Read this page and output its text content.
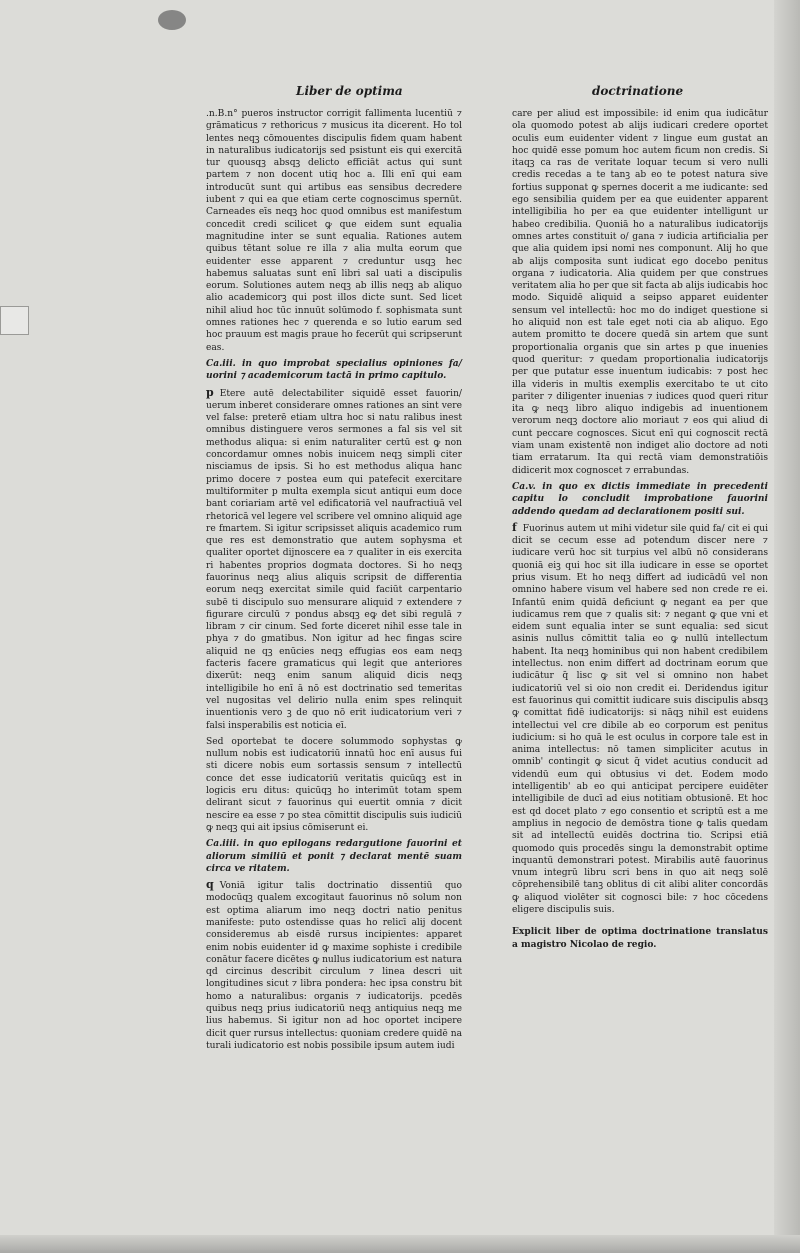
Liber de optima	doctrinatione

.n.B.n° pueros instructor corrigit fallimenta lucentiū ⁊ grāmaticus ⁊ rethoricus ⁊ musicus ita dicerent. Ho tol lentes neqꝫ cōmouentes discipulis fidem quam habent in naturalibus iudicatorijs sed psistunt eis qui exercitā tur quousqꝫ absqꝫ delicto efficiāt actus qui sunt partem ⁊ non docent utiq hoc a. Illi enī qui eam introducūt sunt qui artibus eas sensibus decredere iubent ⁊ qui ea que etiam certe cognoscimus spernūt. Carneades eīs neqꝫ hoc quod omnibus est manifestum concedit credi scilicet ꝙ que eidem sunt equalia magnitudine inter se sunt equalia. Rationes autem quibus tētant solue re illa ⁊ alia multa eorum que euidenter esse apparent ⁊ creduntur usqꝫ hec habemus saluatas sunt enī libri sal uati a discipulis eorum. Solutiones autem neqꝫ ab illis neqꝫ ab aliquo alio academicorꝫ qui post illos dicte sunt. Sed licet nihil aliud hoc tūc innuūt solūmodo f. sophismata sunt omnes rationes hec ⁊ querenda e so lutio earum sed hoc prauum est magis praue ho fecerūt qui scripserunt eas.

Ca.iii. in quo improbat specialius opiniones fa/ uorini ⁊ academicorum tactā in primo capitulo.

p Etere autē delectabiliter siquidē esset fauorin/ uerum inberet considerare omnes rationes an sint vere vel false: preterē etiam ultra hoc si natu ralibus inest omnibus distinguere veros sermones a fal sis vel sit methodus aliqua: si enim naturaliter certū est ꝙ non concordamur omnes nobis inuicem neqꝫ simpli citer nisciamus de ipsis. Si ho est methodus aliqua hanc primo docere ⁊ postea eum qui patefecit exercitare multiformiter p multa exempla sicut antiqui eum doce bant coriariam artē vel edificatoriā vel naufractiuā vel rhetoricā vel legere vel scribere vel omnino aliquid age re fmartem. Si igitur scripsisset aliquis academico rum que res est demonstratio que autem sophysma et qualiter oportet dijnoscere ea ⁊ qualiter in eis exercita ri habentes proprios dogmata doctores. Si ho neqꝫ fauorinus neqꝫ alius aliquis scripsit de differentia eorum neqꝫ exercitat simile quid faciūt carpentario subē ti discipulo suo mensurare aliquid ⁊ extendere ⁊ figurare circulū ⁊ pondus absqꝫ eꝙ det sibi regulā ⁊ libram ⁊ cir cinum. Sed forte diceret nihil esse tale in phya ⁊ do gmatibus. Non igitur ad hec fingas scire aliquid ne qꝫ enūcies neqꝫ effugias eos eam neqꝫ facteris facere gramaticus qui legit que anteriores dixerūt: neqꝫ enim sanum aliquid dicis neqꝫ intelligibile ho enī ā nō est doctrinatio sed temeritas vel nugositas vel delirio nulla enim spes relinquit inuentionis vero ꝫ de quo nō erit iudicatorium veri ⁊ falsi insperabilis est noticia eī.

Sed oportebat te docere solummodo sophystas ꝙ nullum nobis est iudicatoriū innatū hoc enī ausus fui sti dicere nobis eum sortassis sensum ⁊ intellectū conce det esse iudicatoriū veritatis quicūqꝫ est in logicis eru ditus: quicūqꝫ ho interimūt totam spem delirant sicut ⁊ fauorinus qui euertit omnia ⁊ dicit nescire ea esse ⁊ po stea cōmittit discipulis suis iudiciū ꝙ neqꝫ qui ait ipsius cōmiserunt ei.

Ca.iiii. in quo epilogans redargutione fauorini et aliorum similiū et ponit ⁊ declarat mentē suam circa ve ritatem.

q Voniā igitur talis doctrinatio dissentiū quo modocūqꝫ qualem excogitaut fauorinus nō solum non est optima aliarum imo neqꝫ doctri natio penitus manifeste: puto ostendisse quas ho relicī alij docent consideremus ab eisdē rursus incipientes: apparet enim nobis euidenter id ꝙ maxime sophiste i credibile conātur facere dicētes ꝙ nullus iudicatorium est natura qd circinus describit circulum ⁊ linea descri uit longitudines sicut ⁊ libra pondera: hec ipsa constru bit homo a naturalibus: organis ⁊ iudicatorijs. pcedēs quibus neqꝫ prius iudicatoriū neqꝫ antiquius neqꝫ me lius habemus. Si igitur non ad hoc oportet incipere dicit quer rursus intellectus: quoniam credere quidē na turali iudicatorio est nobis possibile ipsum autem iudi

care per aliud est impossibile: id enim qua iudicātur ola quomodo potest ab alijs iudicari credere oportet oculis eum euidenter vident ⁊ lingue eum gustat an hoc quidē esse pomum hoc autem ficum non credis. Si itaqꝫ ca ras de veritate loquar tecum si vero nulli credis recedas a te tanꝫ ab eo te potest natura sive fortius supponat ꝙ spernes docerit a me iudicante: sed ego sensibilia quidem per ea que euidenter apparent intelligibilia ho per ea que euidenter intelligunt ur habeo credibilia. Quoniā ho a naturalibus iudicatorijs omnes artes constituit o/ gana ⁊ iudicia artificialia per que alia quidem ipsi nomi nes componunt. Alij ho que ab alijs composita sunt iudicat ego docebo penitus organa ⁊ iudicatoria. Alia quidem per que construes veritatem alia ho per que sit facta ab alijs iudicabis hoc modo. Siquidē aliquid a seipso apparet euidenter sensum vel intellectū: hoc mo do indiget questione si ho aliquid non est tale eget noti cia ab aliquo. Ego autem promitto te docere quedā sin artem que sunt proportionalia organis que sin artes p que inuenies quod queritur: ⁊ quedam proportionalia iudicatorijs per que putatur esse inuentum iudicabis: ⁊ post hec illa videris in multis exemplis exercitabo te ut cito pariter ⁊ diligenter inuenias ⁊ iudices quod queri ritur ita ꝙ neqꝫ libro aliquo indigebis ad inuentionem verorum neqꝫ doctore alio moriaut ⁊ eos qui aliud di cunt peccare cognosces. Sicut enī qui cognoscit rectā viam unam existentē non indiget alio doctore ad noti tiam erratarum. Ita qui rectā viam demonstratiōis didicerit mox cognoscet ⁊ errabundas.

Ca.v. in quo ex dictis immediate in precedenti capitu lo concludit improbatione fauorini addendo quedam ad declarationem positi sui.

f Fuorinus autem ut mihi videtur sile quid fa/ cit ei qui dicit se cecum esse ad potendum discer nere ⁊ iudicare verū hoc sit turpius vel albū nō considerans quoniā eiꝫ qui hoc sit illa iudicare in esse se oportet prius visum. Et ho neqꝫ differt ad iudicādū vel non omnino habere visum vel habere sed non crede re ei. Infantū enim quidā deficiunt ꝙ negant ea per que iudicamus rem que ⁊ qualis sit: ⁊ negant ꝙ que vni et eidem sunt equalia inter se sunt equalia: sed sicut asinis nullus cōmittit talia eo ꝙ nullū intellectum habent. Ita neqꝫ hominibus qui non habent credibilem intellectus. non enim differt ad doctrinam eorum que iudicātur q̄ lisc ꝙ sit vel si omnino non habet iudicatoriū vel si oio non credit ei. Deridendus igitur est fauorinus qui comittit iudicare suis discipulis absqꝫ ꝙ comittat fidē iudicatorijs: si nāqꝫ nihil est euidens intellectui vel cre dibile ab eo corporum est penitus iudicium: si ho quā le est oculus in corpore tale est in anima intellectus: nō tamen simpliciter acutus in omnib' contingit ꝙ sicut q̄ videt acutius conducit ad videndū eum qui obtusius vi det. Eodem modo intelligentib' ab eo qui anticipat percipere euidēter intelligibile de ducī ad eius notitiam obtusionē. Et hoc est qd docet plato ⁊ ego consentio et scriptū est a me amplius in negocio de demōstra tione ꝙ talis quedam sit ad intellectū euidēs doctrina tio. Scripsi etiā quomodo quis procedēs singu la demonstrabit optime inquantū demonstrari potest. Mirabilis autē fauorinus vnum integrū libru scri bens in quo ait neqꝫ solē cōprehensibilē tanꝫ oblitus di cit alibi aliter concordās ꝙ aliquod violēter sit cognosci bile: ⁊ hoc cōcedens eligere discipulis suis.

Explicit liber de optima doctrinatione translatus a magistro Nicolao de regio.
